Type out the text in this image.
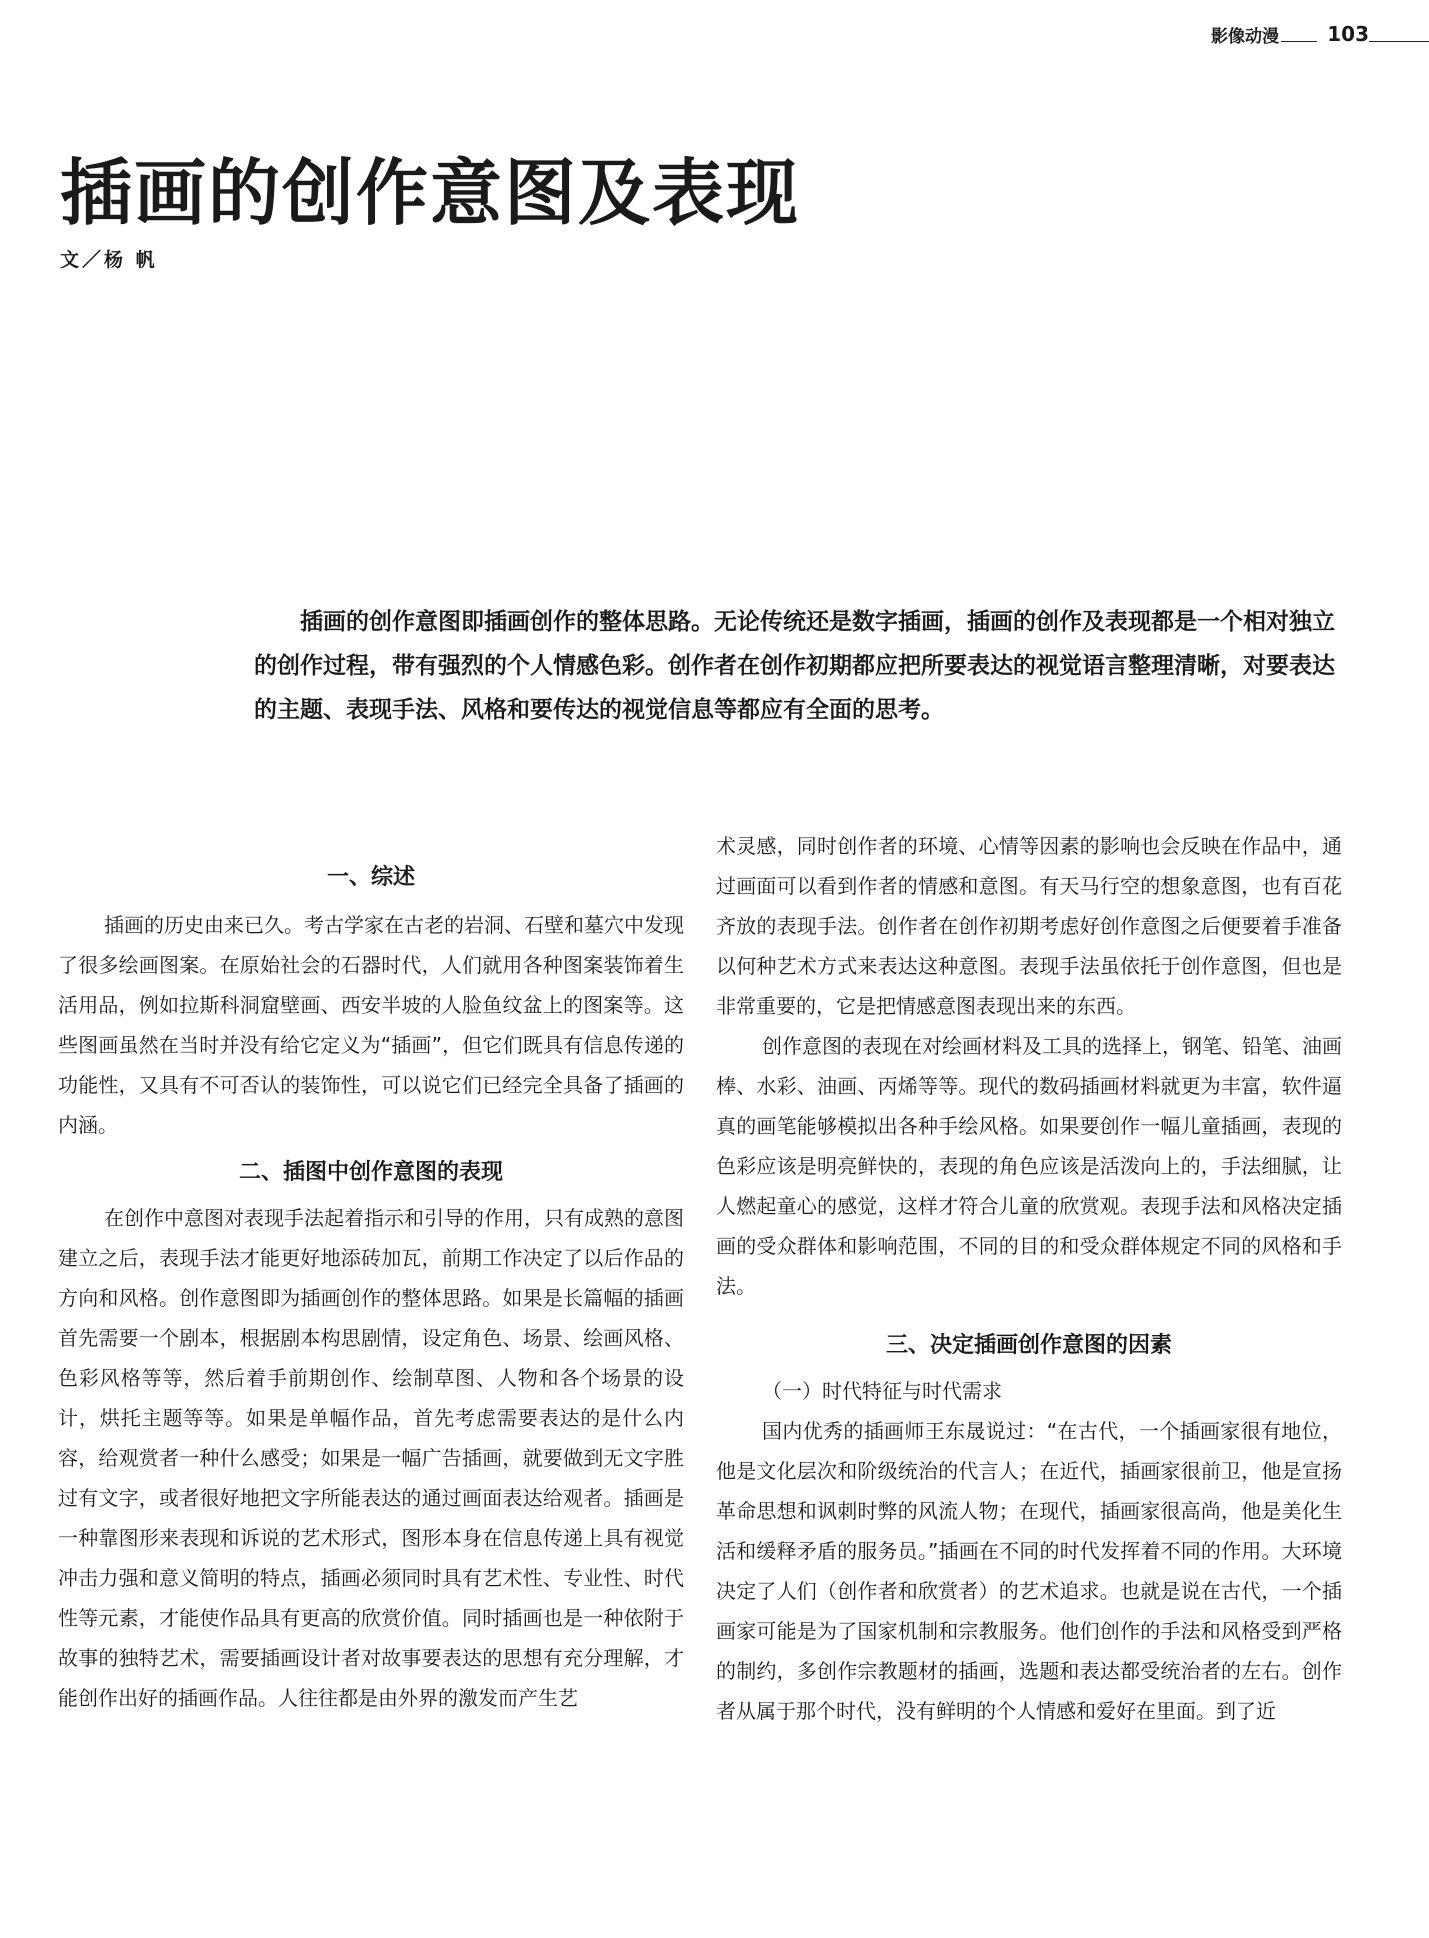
影像动漫 103
插画的创作意图及表现
文／杨 帆

插画的创作意图即插画创作的整体思路。无论传统还是数字插画，插画的创作及表现都是一个相对独立的创作过程，带有强烈的个人情感色彩。创作者在创作初期都应把所要表达的视觉语言整理清晰，对要表达的主题、表现手法、风格和要传达的视觉信息等都应有全面的思考。

一、综述

插画的历史由来已久。考古学家在古老的岩洞、石壁和墓穴中发现了很多绘画图案。在原始社会的石器时代，人们就用各种图案装饰着生活用品，例如拉斯科洞窟壁画、西安半坡的人脸鱼纹盆上的图案等。这些图画虽然在当时并没有给它定义为“插画”，但它们既具有信息传递的功能性，又具有不可否认的装饰性，可以说它们已经完全具备了插画的内涵。

二、插图中创作意图的表现

在创作中意图对表现手法起着指示和引导的作用，只有成熟的意图建立之后，表现手法才能更好地添砖加瓦，前期工作决定了以后作品的方向和风格。创作意图即为插画创作的整体思路。如果是长篇幅的插画首先需要一个剧本，根据剧本构思剧情，设定角色、场景、绘画风格、色彩风格等等，然后着手前期创作、绘制草图、人物和各个场景的设计，烘托主题等等。如果是单幅作品，首先考虑需要表达的是什么内容，给观赏者一种什么感受；如果是一幅广告插画，就要做到无文字胜过有文字，或者很好地把文字所能表达的通过画面表达给观者。插画是一种靠图形来表现和诉说的艺术形式，图形本身在信息传递上具有视觉冲击力强和意义简明的特点，插画必须同时具有艺术性、专业性、时代性等元素，才能使作品具有更高的欣赏价值。同时插画也是一种依附于故事的独特艺术，需要插画设计者对故事要表达的思想有充分理解，才能创作出好的插画作品。人往往都是由外界的激发而产生艺

术灵感，同时创作者的环境、心情等因素的影响也会反映在作品中，通过画面可以看到作者的情感和意图。有天马行空的想象意图，也有百花齐放的表现手法。创作者在创作初期考虑好创作意图之后便要着手准备以何种艺术方式来表达这种意图。表现手法虽依托于创作意图，但也是非常重要的，它是把情感意图表现出来的东西。

创作意图的表现在对绘画材料及工具的选择上，钢笔、铅笔、油画棒、水彩、油画、丙烯等等。现代的数码插画材料就更为丰富，软件逼真的画笔能够模拟出各种手绘风格。如果要创作一幅儿童插画，表现的色彩应该是明亮鲜快的，表现的角色应该是活泼向上的，手法细腻，让人燃起童心的感觉，这样才符合儿童的欣赏观。表现手法和风格决定插画的受众群体和影响范围，不同的目的和受众群体规定不同的风格和手法。

三、决定插画创作意图的因素

（一）时代特征与时代需求

国内优秀的插画师王东晟说过：“在古代，一个插画家很有地位，他是文化层次和阶级统治的代言人；在近代，插画家很前卫，他是宣扬革命思想和讽刺时弊的风流人物；在现代，插画家很高尚，他是美化生活和缓释矛盾的服务员。”插画在不同的时代发挥着不同的作用。大环境决定了人们（创作者和欣赏者）的艺术追求。也就是说在古代，一个插画家可能是为了国家机制和宗教服务。他们创作的手法和风格受到严格的制约，多创作宗教题材的插画，选题和表达都受统治者的左右。创作者从属于那个时代，没有鲜明的个人情感和爱好在里面。到了近
